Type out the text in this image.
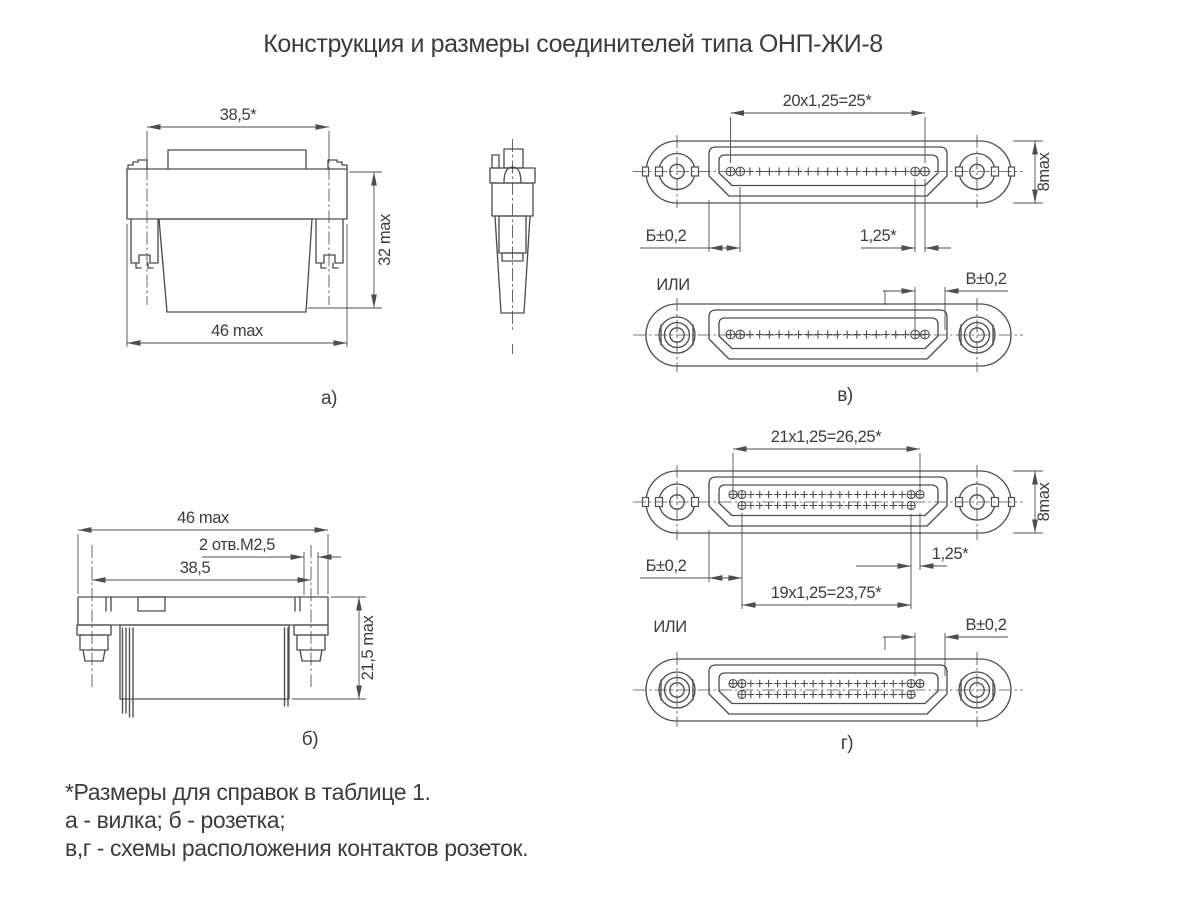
Конструкция и размеры соединителей типа ОНП-ЖИ-8
38,5*
32 max
46 max
а)
20х1,25=25*
8max
Б±0,2	1,25*
ИЛИ	В±0,2
в)
21х1,25=26,25*
8max
Б±0,2
1,25*
19х1,25=23,75*
ИЛИ	В±0,2
г)
46 max
2 отв.М2,5
38,5
21,5 max
б)
*Размеры для справок в таблице 1.
а - вилка; б - розетка;
в,г - схемы расположения контактов розеток.
